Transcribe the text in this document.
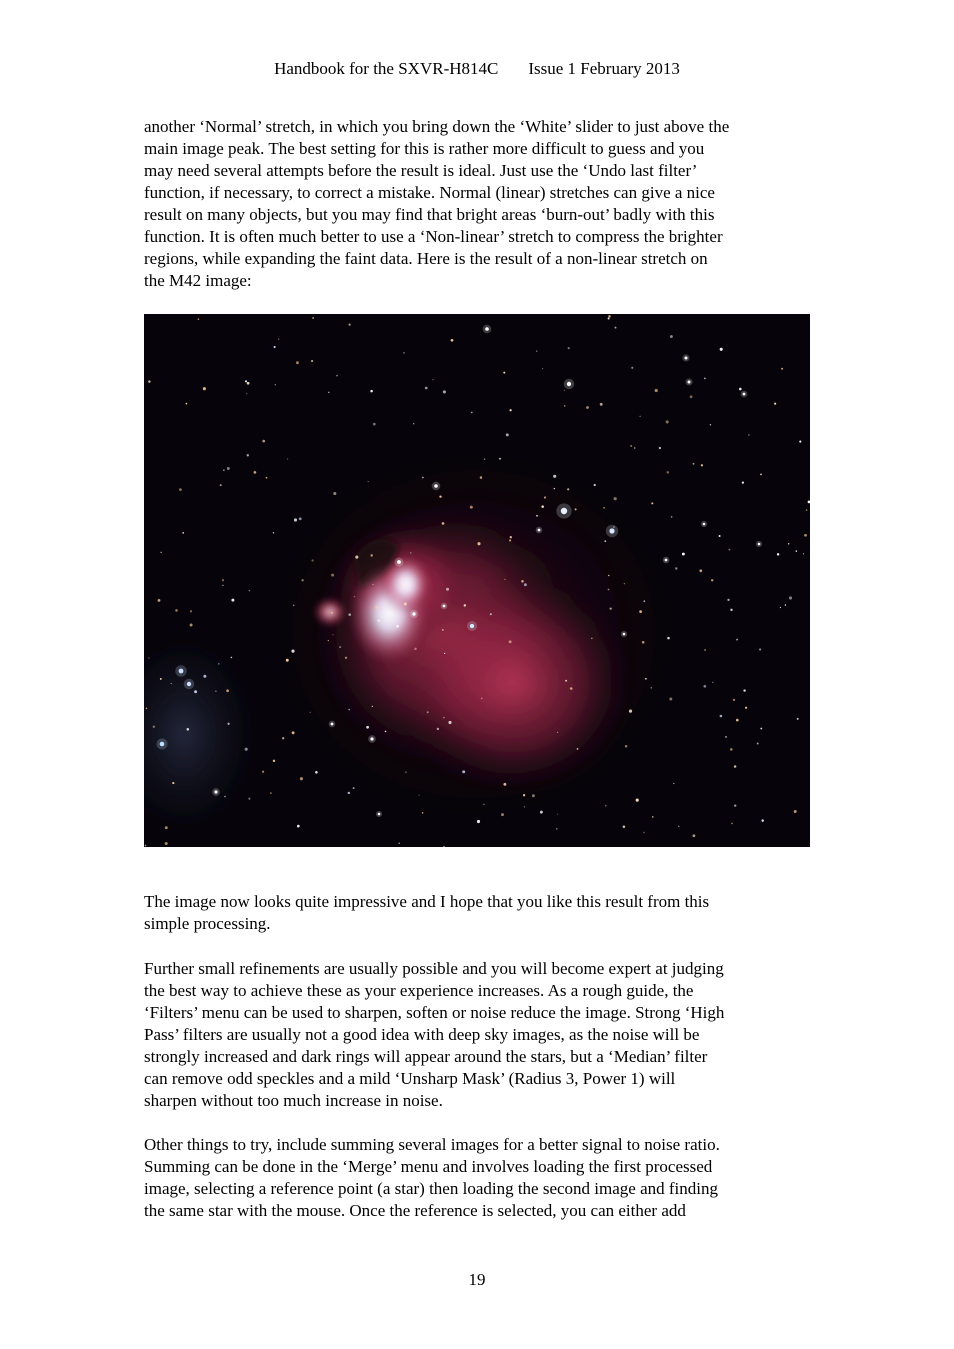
Handbook for the SXVR-H814C Issue 1 February 2013
another ‘Normal’ stretch, in which you bring down the ‘White’ slider to just above the
main image peak. The best setting for this is rather more difficult to guess and you
may need several attempts before the result is ideal. Just use the ‘Undo last filter’
function, if necessary, to correct a mistake. Normal (linear) stretches can give a nice
result on many objects, but you may find that bright areas ‘burn-out’ badly with this
function. It is often much better to use a ‘Non-linear’ stretch to compress the brighter
regions, while expanding the faint data. Here is the result of a non-linear stretch on
the M42 image:
The image now looks quite impressive and I hope that you like this result from this
simple processing.
Further small refinements are usually possible and you will become expert at judging
the best way to achieve these as your experience increases. As a rough guide, the
‘Filters’ menu can be used to sharpen, soften or noise reduce the image. Strong ‘High
Pass’ filters are usually not a good idea with deep sky images, as the noise will be
strongly increased and dark rings will appear around the stars, but a ‘Median’ filter
can remove odd speckles and a mild ‘Unsharp Mask’ (Radius 3, Power 1) will
sharpen without too much increase in noise.
Other things to try, include summing several images for a better signal to noise ratio.
Summing can be done in the ‘Merge’ menu and involves loading the first processed
image, selecting a reference point (a star) then loading the second image and finding
the same star with the mouse. Once the reference is selected, you can either add
19
